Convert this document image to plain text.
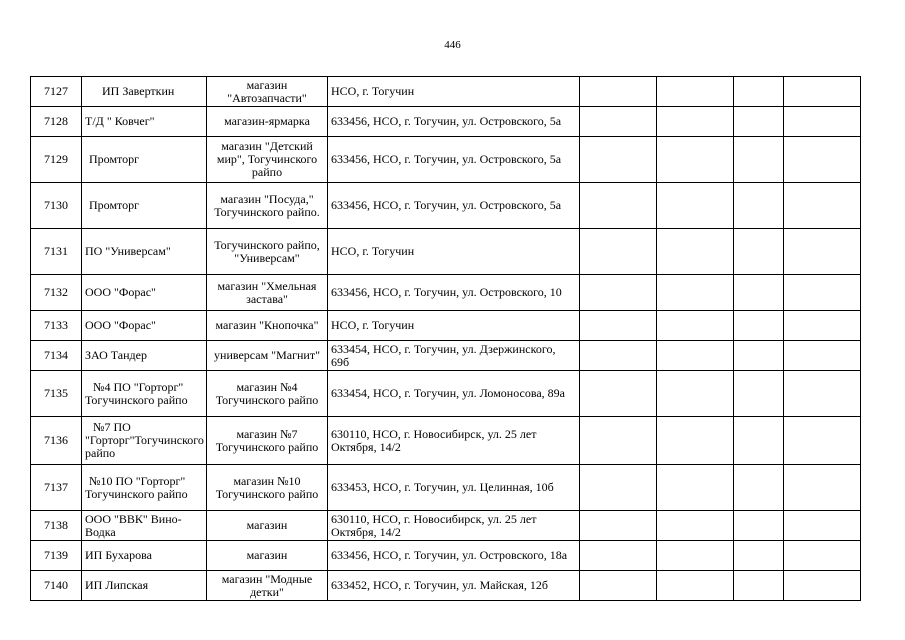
446
7127	ИП Заверткин	магазин "Автозапчасти"	НСО, г. Тогучин				
7128	Т/Д " Ковчег"	магазин-ярмарка	633456, НСО, г. Тогучин, ул. Островского, 5а				
7129	Промторг	магазин "Детский мир", Тогучинского райпо	633456, НСО, г. Тогучин, ул. Островского, 5а				
7130	Промторг	магазин "Посуда," Тогучинского райпо.	633456, НСО, г. Тогучин, ул. Островского, 5а				
7131	ПО "Универсам"	Тогучинского райпо, "Универсам"	НСО, г. Тогучин				
7132	ООО "Форас"	магазин "Хмельная застава"	633456, НСО, г. Тогучин, ул. Островского, 10				
7133	ООО "Форас"	магазин "Кнопочка"	НСО, г. Тогучин				
7134	ЗАО Тандер	универсам "Магнит"	633454, НСО, г. Тогучин, ул. Дзержинского, 69б				
7135	№4 ПО "Горторг" Тогучинского райпо	магазин №4 Тогучинского райпо	633454, НСО, г. Тогучин, ул. Ломоносова, 89а				
7136	№7 ПО "Горторг"Тогучинского райпо	магазин №7 Тогучинского райпо	630110, НСО, г. Новосибирск, ул. 25 лет Октября, 14/2				
7137	№10 ПО "Горторг" Тогучинского райпо	магазин №10 Тогучинского райпо	633453, НСО, г. Тогучин, ул. Целинная, 10б				
7138	ООО "ВВК" Вино-Водка	магазин	630110, НСО, г. Новосибирск, ул. 25 лет Октября, 14/2				
7139	ИП Бухарова	магазин	633456, НСО, г. Тогучин, ул. Островского, 18а				
7140	ИП Липская	магазин "Модные детки"	633452, НСО, г. Тогучин, ул. Майская, 12б				
